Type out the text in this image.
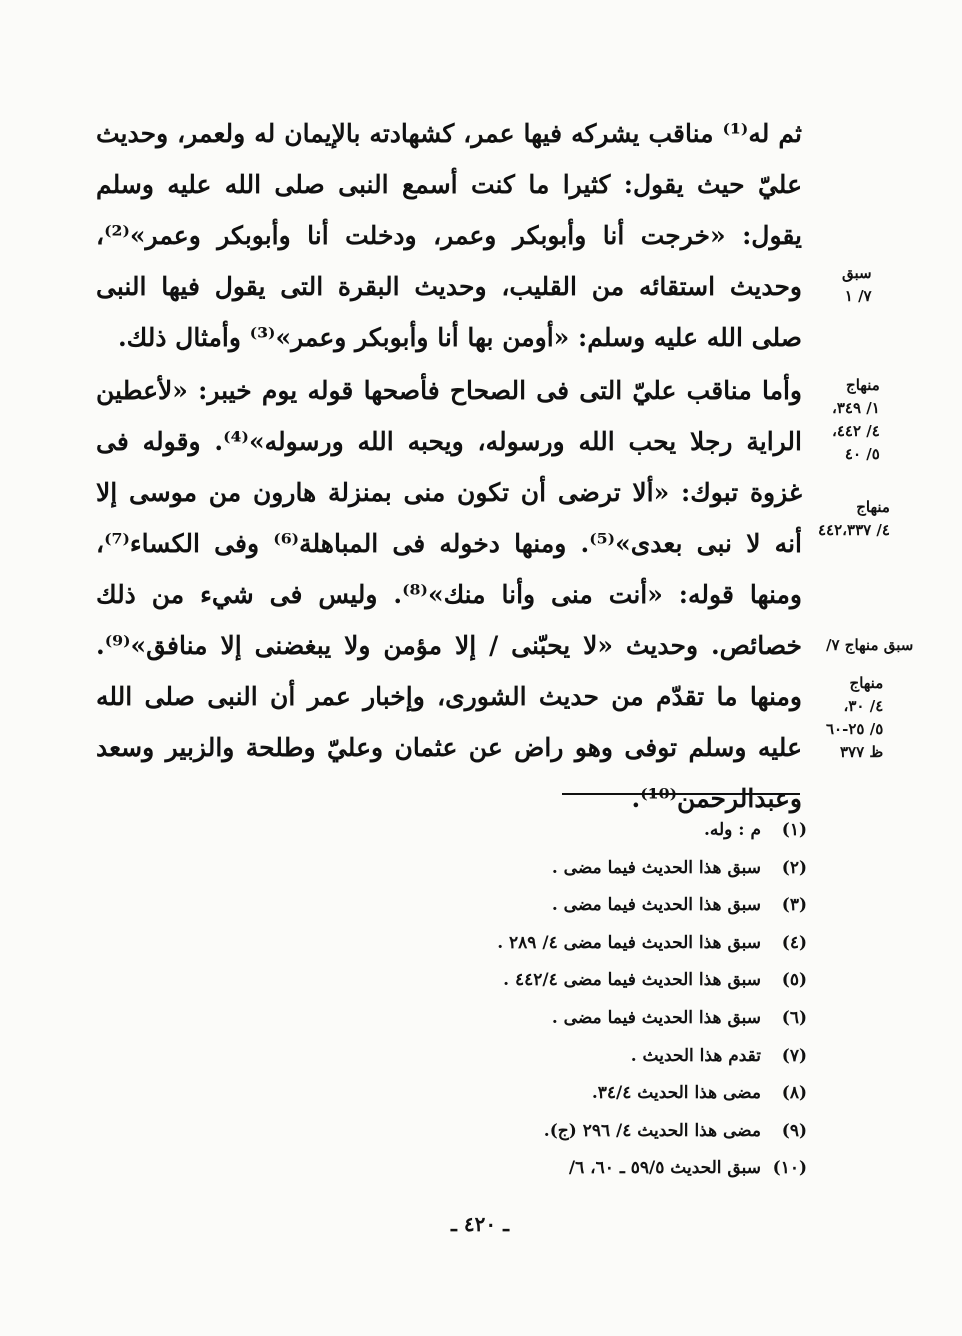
ثم له⁽¹⁾ مناقب يشركه فيها عمر، كشهادته بالإيمان له ولعمر، وحديث عليّ حيث يقول: كثيرا ما كنت أسمع النبى صلى الله عليه وسلم يقول: «خرجت أنا وأبوبكر وعمر، ودخلت أنا وأبوبكر وعمر»⁽²⁾، وحديث استقائه من القليب، وحديث البقرة التى يقول فيها النبى صلى الله عليه وسلم: «أومن بها أنا وأبوبكر وعمر»⁽³⁾ وأمثال ذلك.

وأما مناقب عليّ التى فى الصحاح فأصحها قوله يوم خيبر: «لأعطين الراية رجلا يحب الله ورسوله، ويحبه الله ورسوله»⁽⁴⁾. وقوله فى غزوة تبوك: «ألا ترضى أن تكون منى بمنزلة هارون من موسى إلا أنه لا نبى بعدى»⁽⁵⁾. ومنها دخوله فى المباهلة⁽⁶⁾ وفى الكساء⁽⁷⁾، ومنها قوله: «أنت منى وأنا منك»⁽⁸⁾. وليس فى شيء من ذلك خصائص. وحديث «لا يحبّنى / إلا مؤمن ولا يبغضنى إلا منافق»⁽⁹⁾. ومنها ما تقدّم من حديث الشورى، وإخبار عمر أن النبى صلى الله عليه وسلم توفى وهو راض عن عثمان وعليّ وطلحة والزبير وسعد وعبدالرحمن⁽¹⁰⁾.

سبق
٧/ ١
منهاج
١/ ٣٤٩،
٤/ ٤٤٢،
٥/ ٤٠
منهاج
٤/ ٤٤٢،٣٣٧
سبق منهاج ٧/
منهاج
٤/ ٣٠،
٥/ ٢٥-٦٠
ظ ٣٧٧
(١)م : وله.
(٢)سبق هذا الحديث فيما مضى .
(٣)سبق هذا الحديث فيما مضى .
(٤)سبق هذا الحديث فيما مضى ٤/ ٢٨٩ .
(٥)سبق هذا الحديث فيما مضى ٤٤٢/٤ .
(٦)سبق هذا الحديث فيما مضى .
(٧)تقدم هذا الحديث .
(٨)مضى هذا الحديث ٣٤/٤.
(٩)مضى هذا الحديث ٤/ ٢٩٦ (ج).
(١٠)سبق الحديث ٥٩/٥ ـ ٦٠، ٦/
ـ ٤٢٠ ـ
